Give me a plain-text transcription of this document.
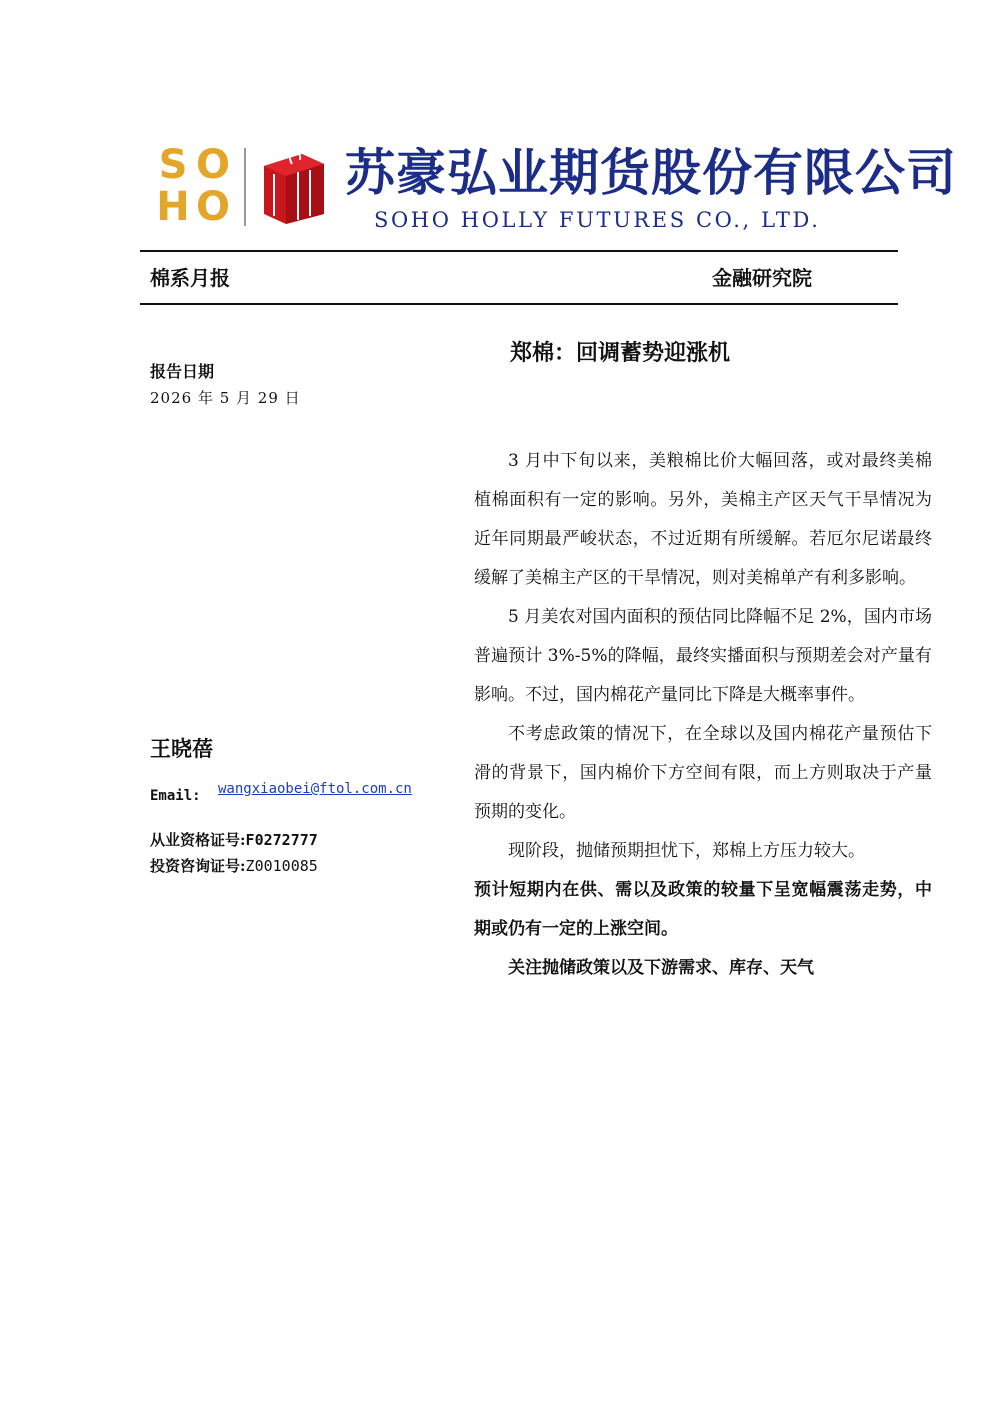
S O
H O
苏豪弘业期货股份有限公司
SOHO HOLLY FUTURES CO., LTD.
棉系月报	金融研究院
报告日期
2026 年 5 月 29 日
王晓蓓
Email: wangxiaobei@ftol.com.cn
从业资格证号:F0272777
投资咨询证号:Z0010085
郑棉：回调蓄势迎涨机

3 月中下旬以来，美粮棉比价大幅回落，或对最终美棉植棉面积有一定的影响。另外，美棉主产区天气干旱情况为近年同期最严峻状态，不过近期有所缓解。若厄尔尼诺最终缓解了美棉主产区的干旱情况，则对美棉单产有利多影响。

5 月美农对国内面积的预估同比降幅不足 2%，国内市场普遍预计 3%-5%的降幅，最终实播面积与预期差会对产量有影响。不过，国内棉花产量同比下降是大概率事件。

不考虑政策的情况下，在全球以及国内棉花产量预估下滑的背景下，国内棉价下方空间有限，而上方则取决于产量预期的变化。

现阶段，抛储预期担忧下，郑棉上方压力较大。

预计短期内在供、需以及政策的较量下呈宽幅震荡走势，中期或仍有一定的上涨空间。

关注抛储政策以及下游需求、库存、天气
